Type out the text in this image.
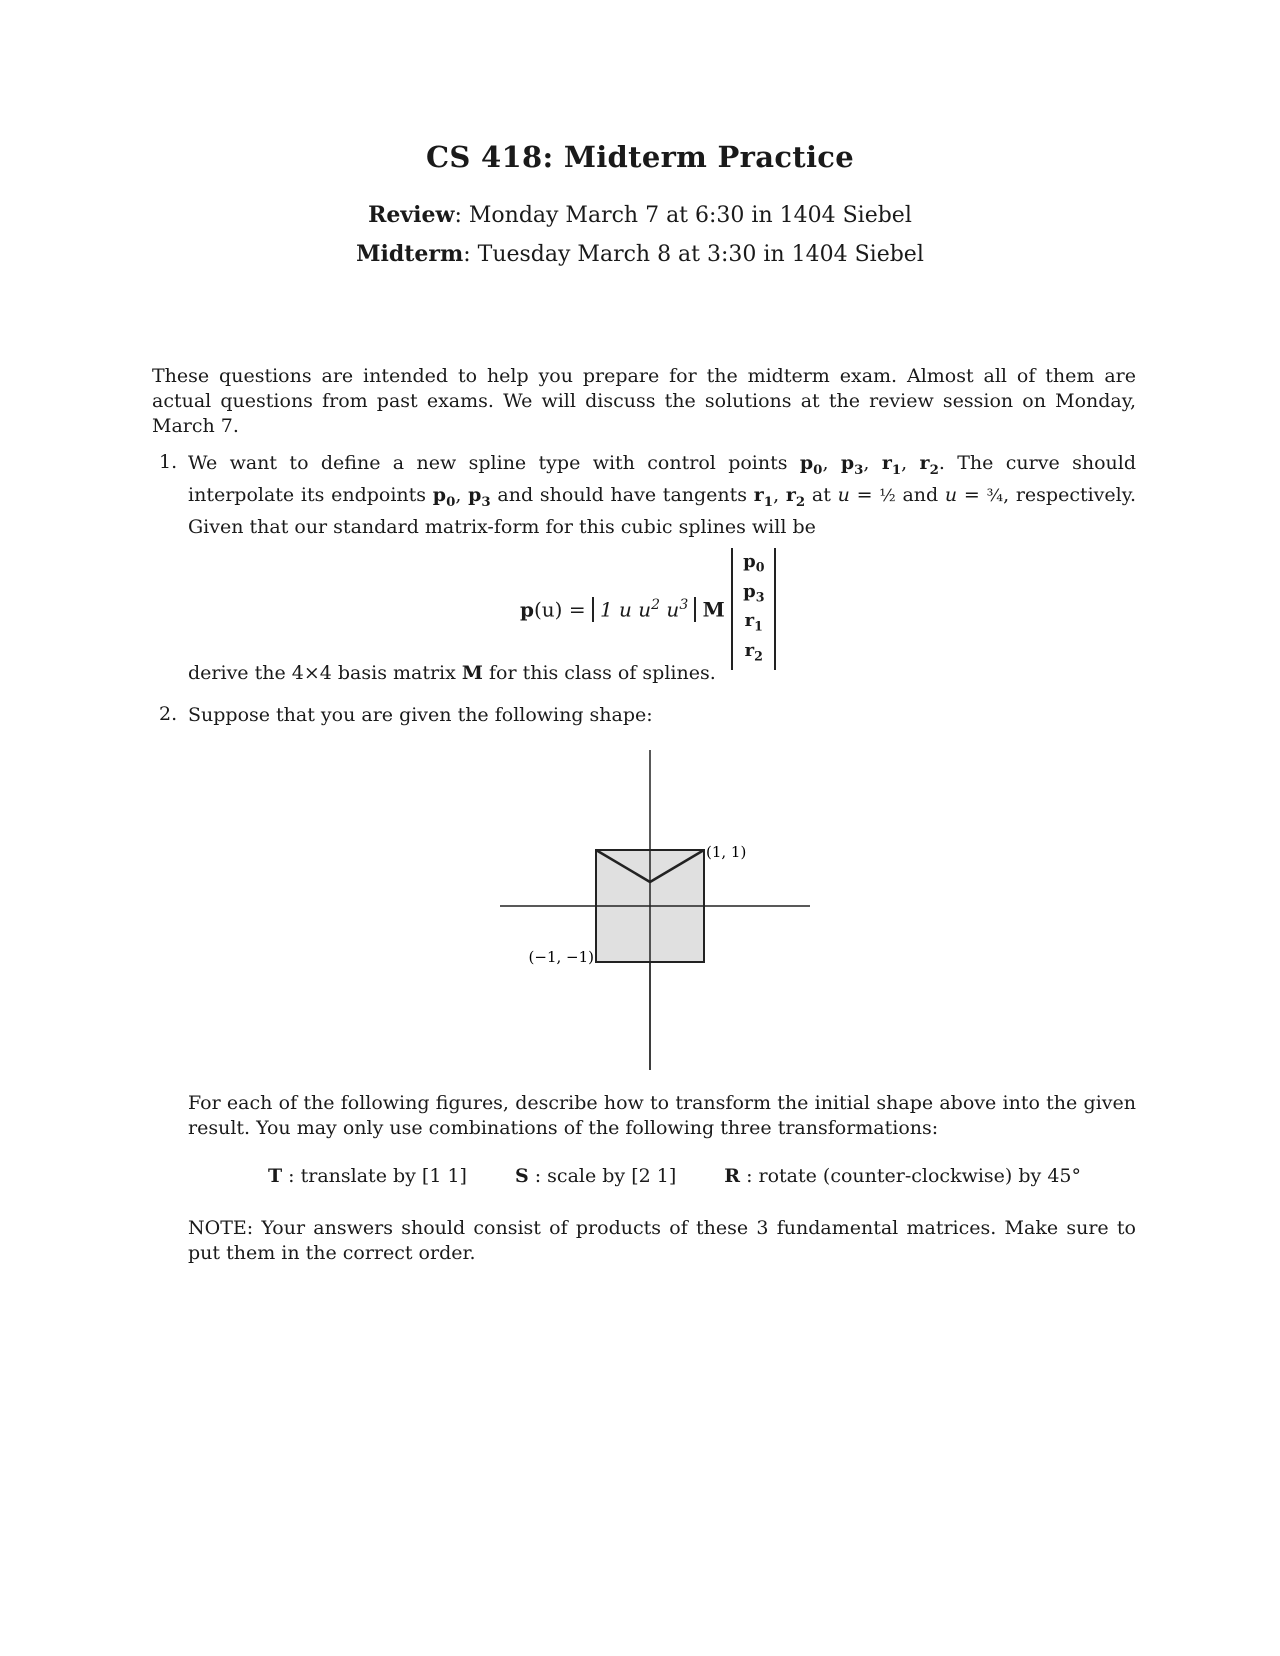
CS 418: Midterm Practice
Review: Monday March 7 at 6:30 in 1404 Siebel
Midterm: Tuesday March 8 at 3:30 in 1404 Siebel

These questions are intended to help you prepare for the midterm exam. Almost all of them are actual questions from past exams. We will discuss the solutions at the review session on Monday, March 7.

1. We want to define a new spline type with control points $p_0$, $p_3$, $r_1$, $r_2$. The curve should interpolate its endpoints $p_0$, $p_3$ and should have tangents $r_1$, $r_2$ at u = ½ and u = ¾, respectively. Given that our standard matrix-form for this cubic splines will be

p(u) = 1 u $u^2$ $u^3$ M
$p_0$
$p_3$
$r_1$
$r_2$

derive the 4×4 basis matrix M for this class of splines.

2. Suppose that you are given the following shape:

(1, 1)
(−1, −1)

For each of the following figures, describe how to transform the initial shape above into the given result. You may only use combinations of the following three transformations:

T : translate by [1 1]	S : scale by [2 1]	R : rotate (counter-clockwise) by 45°

NOTE: Your answers should consist of products of these 3 fundamental matrices. Make sure to put them in the correct order.
